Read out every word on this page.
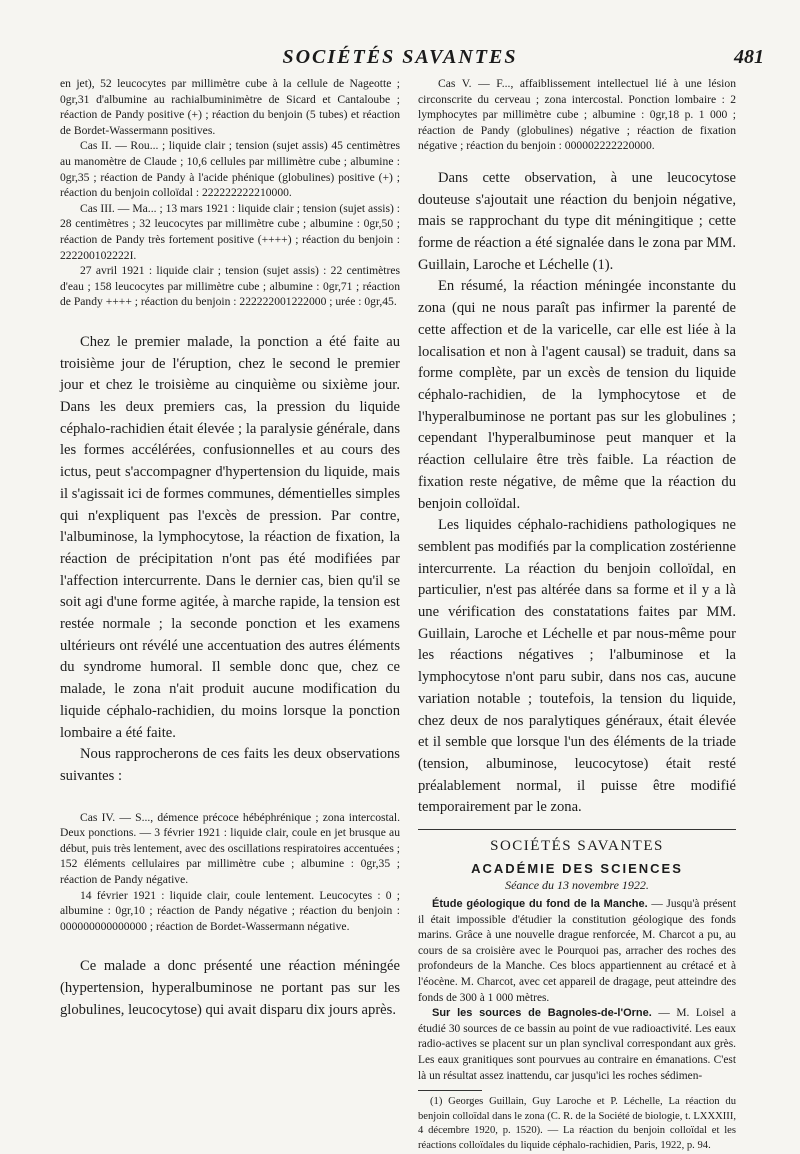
SOCIÉTÉS SAVANTES	481

en jet), 52 leucocytes par millimètre cube à la cellule de Nageotte ; 0gr,31 d'albumine au rachialbuminimètre de Sicard et Cantaloube ; réaction de Pandy positive (+) ; réaction du benjoin (5 tubes) et réaction de Bordet-Wassermann positives.

Cas II. — Rou... ; liquide clair ; tension (sujet assis) 45 centimètres au manomètre de Claude ; 10,6 cellules par millimètre cube ; albumine : 0gr,35 ; réaction de Pandy à l'acide phénique (globulines) positive (+) ; réaction du benjoin colloïdal : 222222222210000.

Cas III. — Ma... ; 13 mars 1921 : liquide clair ; tension (sujet assis) : 28 centimètres ; 32 leucocytes par millimètre cube ; albumine : 0gr,50 ; réaction de Pandy très fortement positive (++++) ; réaction du benjoin : 222200102222I.

27 avril 1921 : liquide clair ; tension (sujet assis) : 22 centimètres d'eau ; 158 leucocytes par millimètre cube ; albumine : 0gr,71 ; réaction de Pandy ++++ ; réaction du benjoin : 222222001222000 ; urée : 0gr,45.

Chez le premier malade, la ponction a été faite au troisième jour de l'éruption, chez le second le premier jour et chez le troisième au cinquième ou sixième jour. Dans les deux premiers cas, la pression du liquide céphalo-rachidien était élevée ; la paralysie générale, dans les formes accélérées, confusionnelles et au cours des ictus, peut s'accompagner d'hypertension du liquide, mais il s'agissait ici de formes communes, démentielles simples qui n'expliquent pas l'excès de pression. Par contre, l'albuminose, la lymphocytose, la réaction de fixation, la réaction de précipitation n'ont pas été modifiées par l'affection intercurrente. Dans le dernier cas, bien qu'il se soit agi d'une forme agitée, à marche rapide, la tension est restée normale ; la seconde ponction et les examens ultérieurs ont révélé une accentuation des autres éléments du syndrome humoral. Il semble donc que, chez ce malade, le zona n'ait produit aucune modification du liquide céphalo-rachidien, du moins lorsque la ponction lombaire a été faite.

Nous rapprocherons de ces faits les deux observations suivantes :

Cas IV. — S..., démence précoce hébéphrénique ; zona intercostal. Deux ponctions. — 3 février 1921 : liquide clair, coule en jet brusque au début, puis très lentement, avec des oscillations respiratoires accentuées ; 152 éléments cellulaires par millimètre cube ; albumine : 0gr,35 ; réaction de Pandy négative.

14 février 1921 : liquide clair, coule lentement. Leucocytes : 0 ; albumine : 0gr,10 ; réaction de Pandy négative ; réaction du benjoin : 000000000000000 ; réaction de Bordet-Wassermann négative.

Ce malade a donc présenté une réaction méningée (hypertension, hyperalbuminose ne portant pas sur les globulines, leucocytose) qui avait disparu dix jours après.

Cas V. — F..., affaiblissement intellectuel lié à une lésion circonscrite du cerveau ; zona intercostal. Ponction lombaire : 2 lymphocytes par millimètre cube ; albumine : 0gr,18 p. 1 000 ; réaction de Pandy (globulines) négative ; réaction de fixation négative ; réaction du benjoin : 000002222220000.

Dans cette observation, à une leucocytose douteuse s'ajoutait une réaction du benjoin négative, mais se rapprochant du type dit méningitique ; cette forme de réaction a été signalée dans le zona par MM. Guillain, Laroche et Léchelle (1).

En résumé, la réaction méningée inconstante du zona (qui ne nous paraît pas infirmer la parenté de cette affection et de la varicelle, car elle est liée à la localisation et non à l'agent causal) se traduit, dans sa forme complète, par un excès de tension du liquide céphalo-rachidien, de la lymphocytose et de l'hyperalbuminose ne portant pas sur les globulines ; cependant l'hyperalbuminose peut manquer et la réaction cellulaire être très faible. La réaction de fixation reste négative, de même que la réaction du benjoin colloïdal.

Les liquides céphalo-rachidiens pathologiques ne semblent pas modifiés par la complication zostérienne intercurrente. La réaction du benjoin colloïdal, en particulier, n'est pas altérée dans sa forme et il y a là une vérification des constatations faites par MM. Guillain, Laroche et Léchelle et par nous-même pour les réactions négatives ; l'albuminose et la lymphocytose n'ont paru subir, dans nos cas, aucune variation notable ; toutefois, la tension du liquide, chez deux de nos paralytiques généraux, était élevée et il semble que lorsque l'un des éléments de la triade (tension, albuminose, leucocytose) était resté préalablement normal, il puisse être modifié temporairement par le zona.

SOCIÉTÉS SAVANTES
ACADÉMIE DES SCIENCES
Séance du 13 novembre 1922.

Étude géologique du fond de la Manche. — Jusqu'à présent il était impossible d'étudier la constitution géologique des fonds marins. Grâce à une nouvelle drague renforcée, M. Charcot a pu, au cours de sa croisière avec le Pourquoi pas, arracher des roches des profondeurs de la Manche. Ces blocs appartiennent au crétacé et à l'éocène. M. Charcot, avec cet appareil de dragage, peut atteindre des fonds de 300 à 1 000 mètres.

Sur les sources de Bagnoles-de-l'Orne. — M. Loisel a étudié 30 sources de ce bassin au point de vue radioactivité. Les eaux radio-actives se placent sur un plan synclival correspondant aux grès. Les eaux granitiques sont pourvues au contraire en émanations. C'est là un résultat assez inattendu, car jusqu'ici les roches sédimen-

(1) Georges Guillain, Guy Laroche et P. Léchelle, La réaction du benjoin colloïdal dans le zona (C. R. de la Société de biologie, t. LXXXIII, 4 décembre 1920, p. 1520). — La réaction du benjoin colloïdal et les réactions colloïdales du liquide céphalo-rachidien, Paris, 1922, p. 94.
